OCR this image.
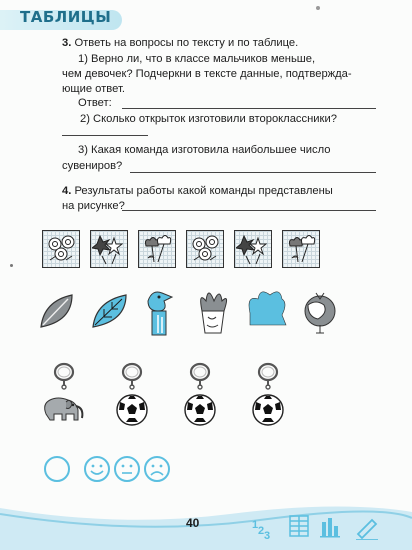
ТАБЛИЦЫ
3. Ответь на вопросы по тексту и по таблице.
1) Верно ли, что в классе мальчиков меньше,
чем девочек? Подчеркни в тексте данные, подтвержда-
ющие ответ.
Ответ:
2) Сколько открыток изготовили второклассники?
3) Какая команда изготовила наибольшее число
сувениров?
4. Результаты работы какой команды представлены
на рисунке?
40	1 2 3
